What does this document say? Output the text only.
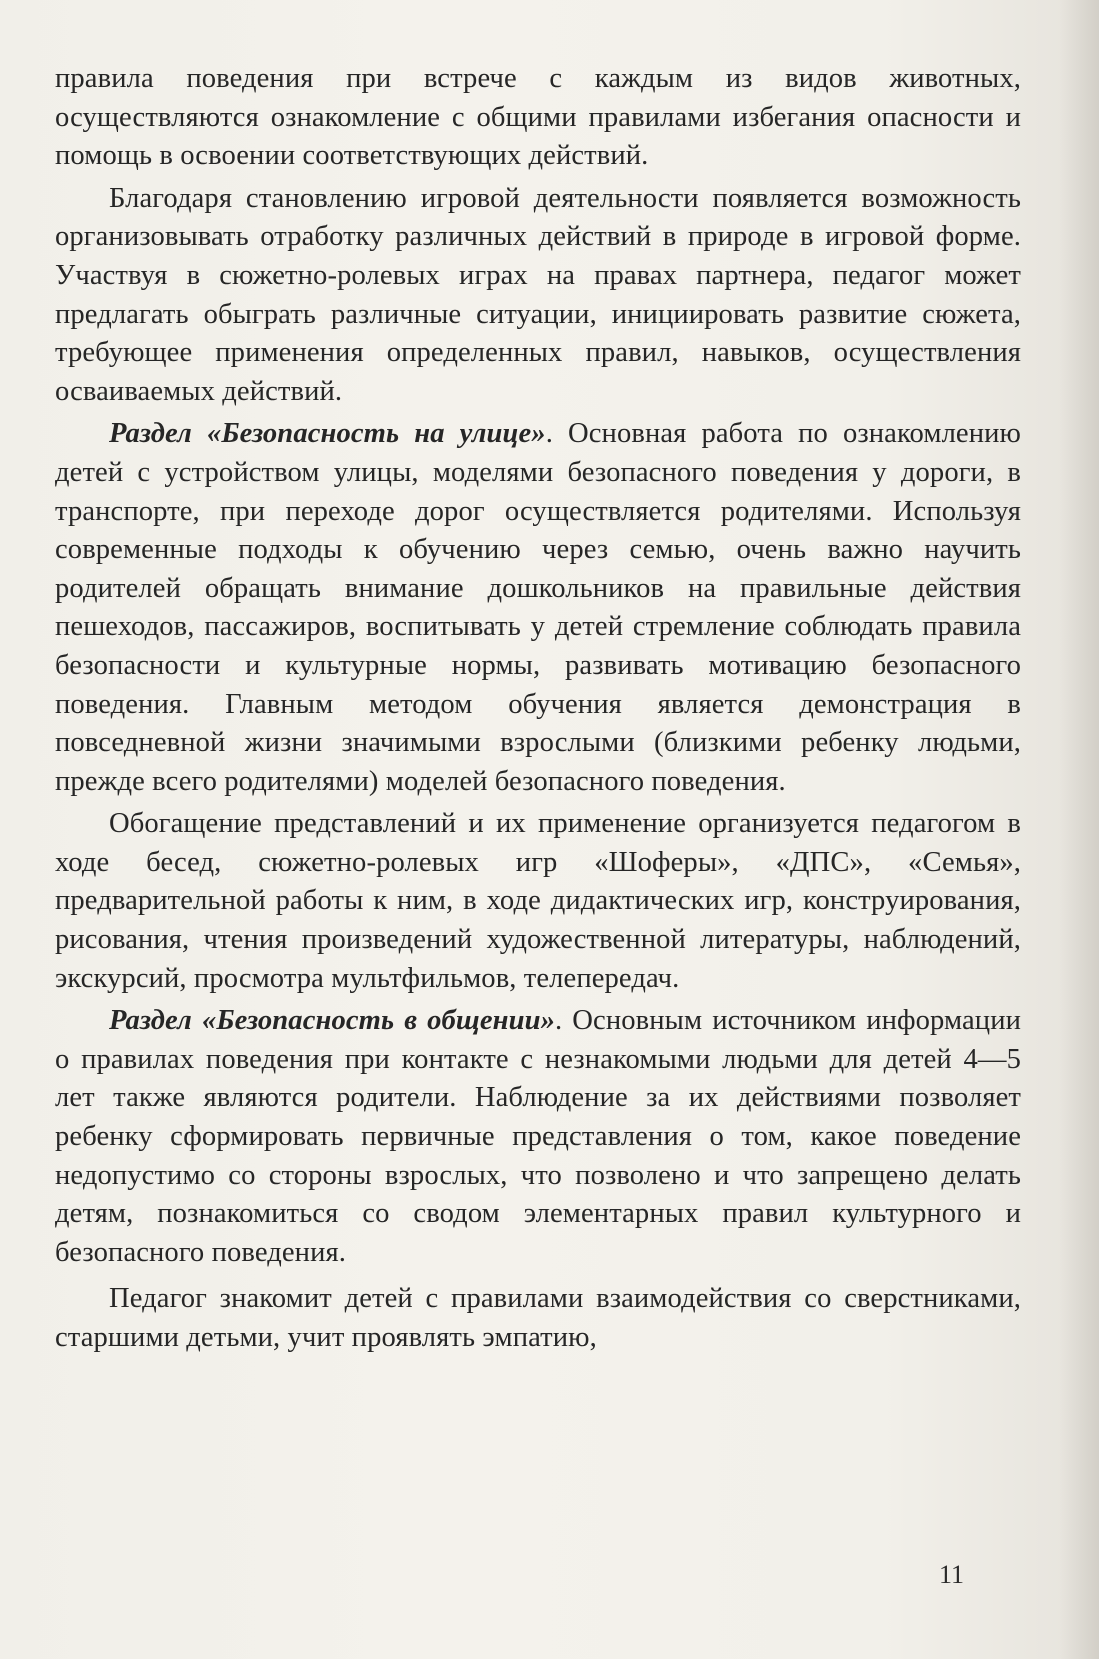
правила поведения при встрече с каждым из видов животных, осуществляются ознакомление с общими правилами избегания опасности и помощь в освоении соответствующих действий.

Благодаря становлению игровой деятельности появляется возможность организовывать отработку различных действий в природе в игровой форме. Участвуя в сюжетно-ролевых играх на правах партнера, педагог может предлагать обыграть различные ситуации, инициировать развитие сюжета, требующее применения определенных правил, навыков, осуществления осваиваемых действий.

Раздел «Безопасность на улице». Основная работа по ознакомлению детей с устройством улицы, моделями безопасного поведения у дороги, в транспорте, при переходе дорог осуществляется родителями. Используя современные подходы к обучению через семью, очень важно научить родителей обращать внимание дошкольников на правильные действия пешеходов, пассажиров, воспитывать у детей стремление соблюдать правила безопасности и культурные нормы, развивать мотивацию безопасного поведения. Главным методом обучения является демонстрация в повседневной жизни значимыми взрослыми (близкими ребенку людьми, прежде всего родителями) моделей безопасного поведения.

Обогащение представлений и их применение организуется педагогом в ходе бесед, сюжетно-ролевых игр «Шоферы», «ДПС», «Семья», предварительной работы к ним, в ходе дидактических игр, конструирования, рисования, чтения произведений художественной литературы, наблюдений, экскурсий, просмотра мультфильмов, телепередач.

Раздел «Безопасность в общении». Основным источником информации о правилах поведения при контакте с незнакомыми людьми для детей 4—5 лет также являются родители. Наблюдение за их действиями позволяет ребенку сформировать первичные представления о том, какое поведение недопустимо со стороны взрослых, что позволено и что запрещено делать детям, познакомиться со сводом элементарных правил культурного и безопасного поведения.

Педагог знакомит детей с правилами взаимодействия со сверстниками, старшими детьми, учит проявлять эмпатию,

11
